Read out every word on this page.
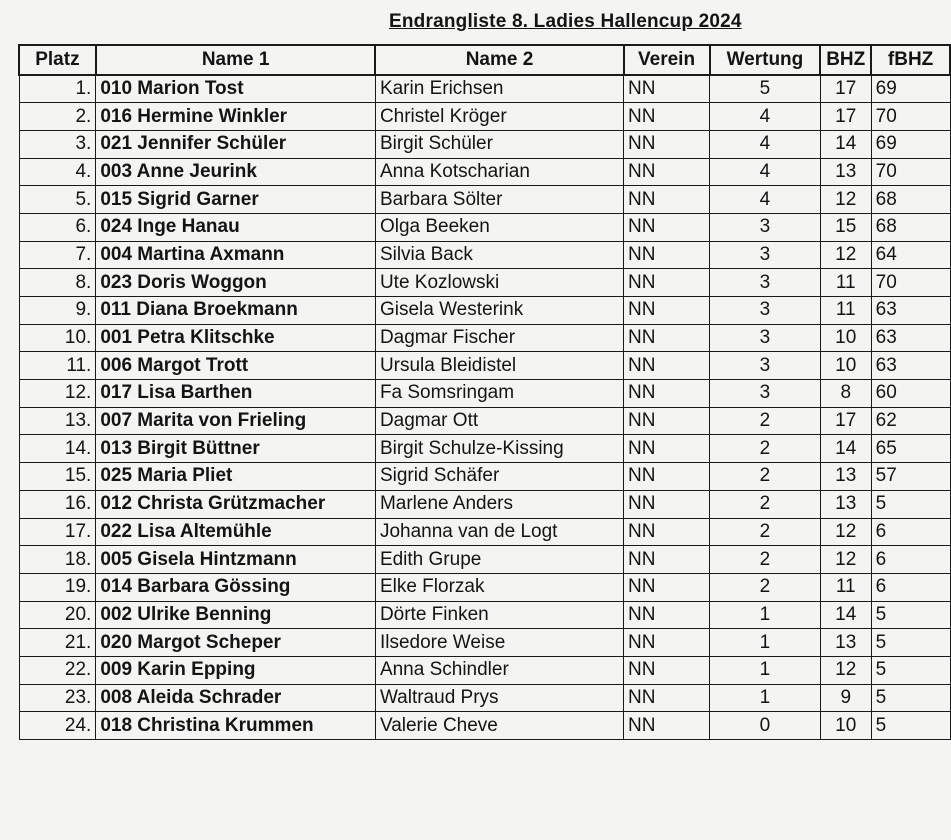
Endrangliste 8. Ladies Hallencup 2024
Platz	Name 1	Name 2	Verein	Wertung	BHZ	fBHZ
1.	010 Marion Tost	Karin Erichsen	NN	5	17	69
2.	016 Hermine Winkler	Christel Kröger	NN	4	17	70
3.	021 Jennifer Schüler	Birgit Schüler	NN	4	14	69
4.	003 Anne Jeurink	Anna Kotscharian	NN	4	13	70
5.	015 Sigrid Garner	Barbara Sölter	NN	4	12	68
6.	024 Inge Hanau	Olga Beeken	NN	3	15	68
7.	004 Martina Axmann	Silvia Back	NN	3	12	64
8.	023 Doris Woggon	Ute Kozlowski	NN	3	11	70
9.	011 Diana Broekmann	Gisela Westerink	NN	3	11	63
10.	001 Petra Klitschke	Dagmar Fischer	NN	3	10	63
11.	006 Margot Trott	Ursula Bleidistel	NN	3	10	63
12.	017 Lisa Barthen	Fa Somsringam	NN	3	8	60
13.	007 Marita von Frieling	Dagmar Ott	NN	2	17	62
14.	013 Birgit Büttner	Birgit Schulze-Kissing	NN	2	14	65
15.	025 Maria Pliet	Sigrid Schäfer	NN	2	13	57
16.	012 Christa Grützmacher	Marlene Anders	NN	2	13	5
17.	022 Lisa Altemühle	Johanna van de Logt	NN	2	12	6
18.	005 Gisela Hintzmann	Edith Grupe	NN	2	12	6
19.	014 Barbara Gössing	Elke Florzak	NN	2	11	6
20.	002 Ulrike Benning	Dörte Finken	NN	1	14	5
21.	020 Margot Scheper	Ilsedore Weise	NN	1	13	5
22.	009 Karin Epping	Anna Schindler	NN	1	12	5
23.	008 Aleida Schrader	Waltraud Prys	NN	1	9	5
24.	018 Christina Krummen	Valerie Cheve	NN	0	10	5
